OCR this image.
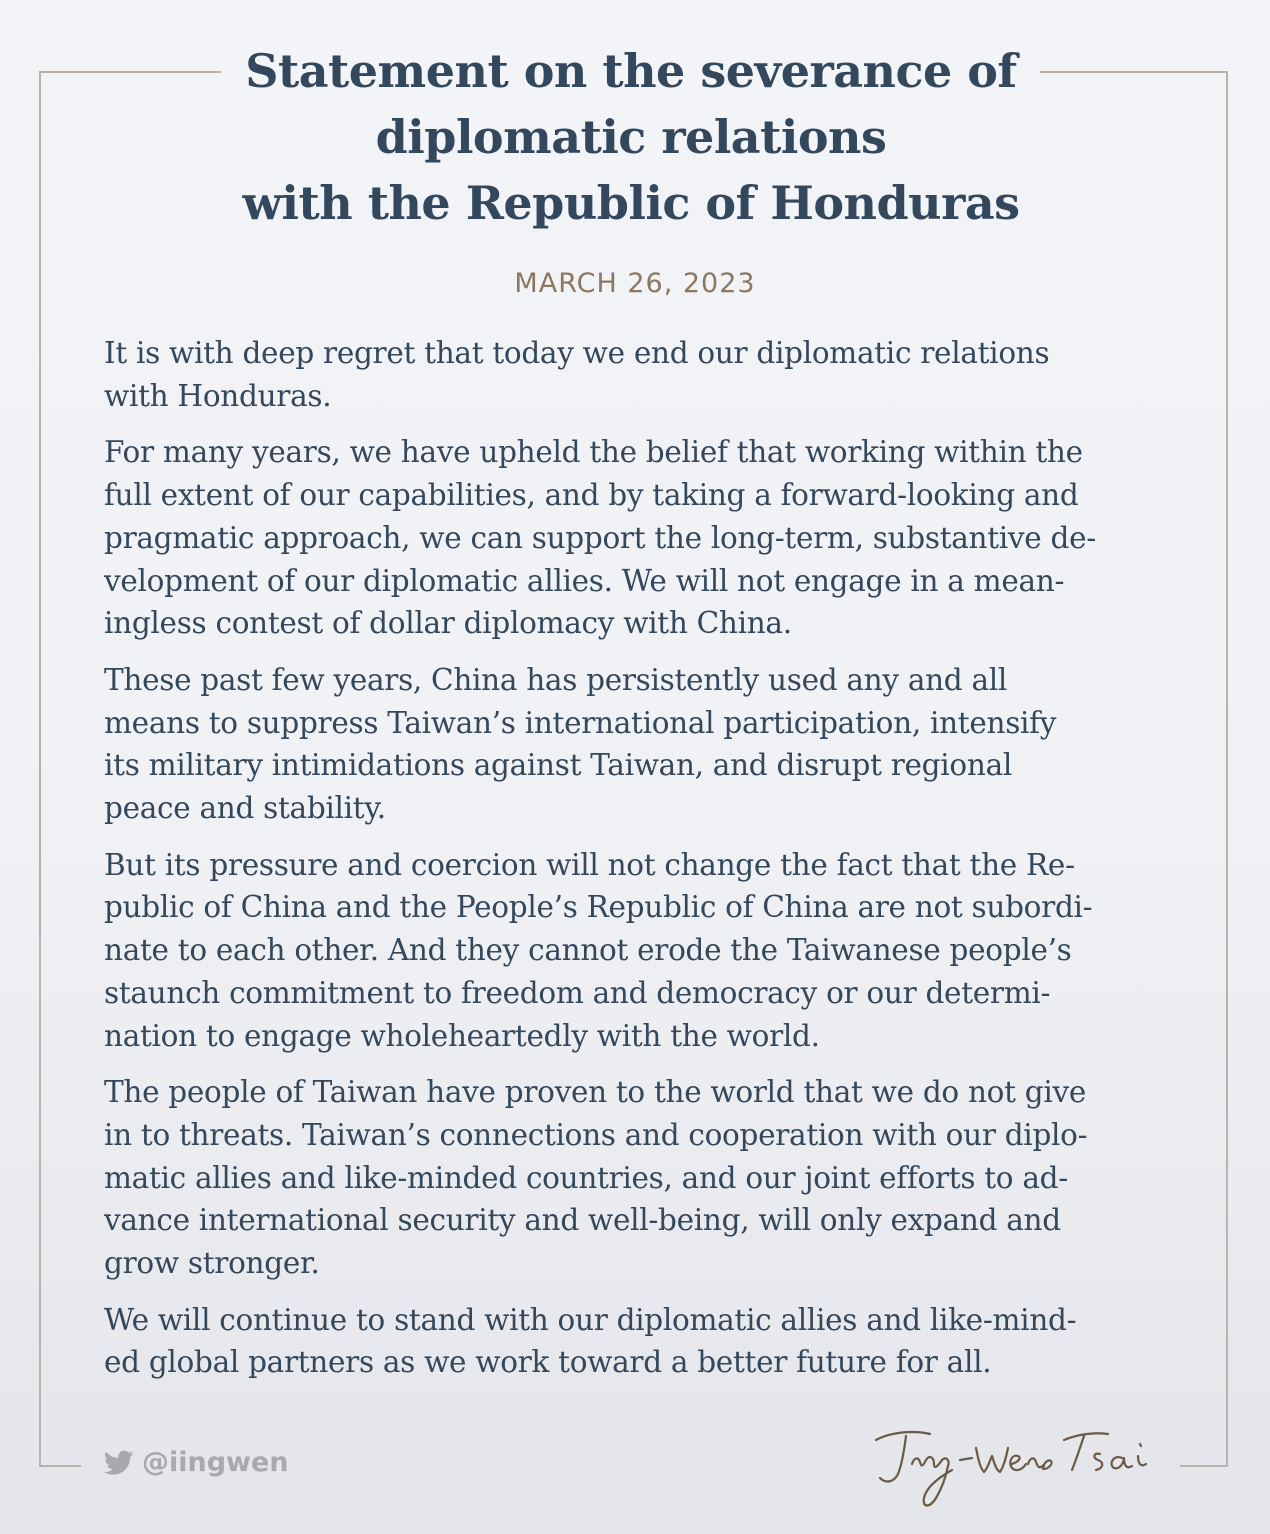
Statement on the severance of
diplomatic relations
with the Republic of Honduras
MARCH 26, 2023

It is with deep regret that today we end our diplomatic relations
with Honduras.

For many years, we have upheld the belief that working within the
full extent of our capabilities, and by taking a forward-looking and
pragmatic approach, we can support the long-term, substantive de-
velopment of our diplomatic allies. We will not engage in a mean-
ingless contest of dollar diplomacy with China.

These past few years, China has persistently used any and all
means to suppress Taiwan’s international participation, intensify
its military intimidations against Taiwan, and disrupt regional
peace and stability.

But its pressure and coercion will not change the fact that the Re-
public of China and the People’s Republic of China are not subordi-
nate to each other. And they cannot erode the Taiwanese people’s
staunch commitment to freedom and democracy or our determi-
nation to engage wholeheartedly with the world.

The people of Taiwan have proven to the world that we do not give
in to threats. Taiwan’s connections and cooperation with our diplo-
matic allies and like-minded countries, and our joint efforts to ad-
vance international security and well-being, will only expand and
grow stronger.

We will continue to stand with our diplomatic allies and like-mind-
ed global partners as we work toward a better future for all.

@iingwen
